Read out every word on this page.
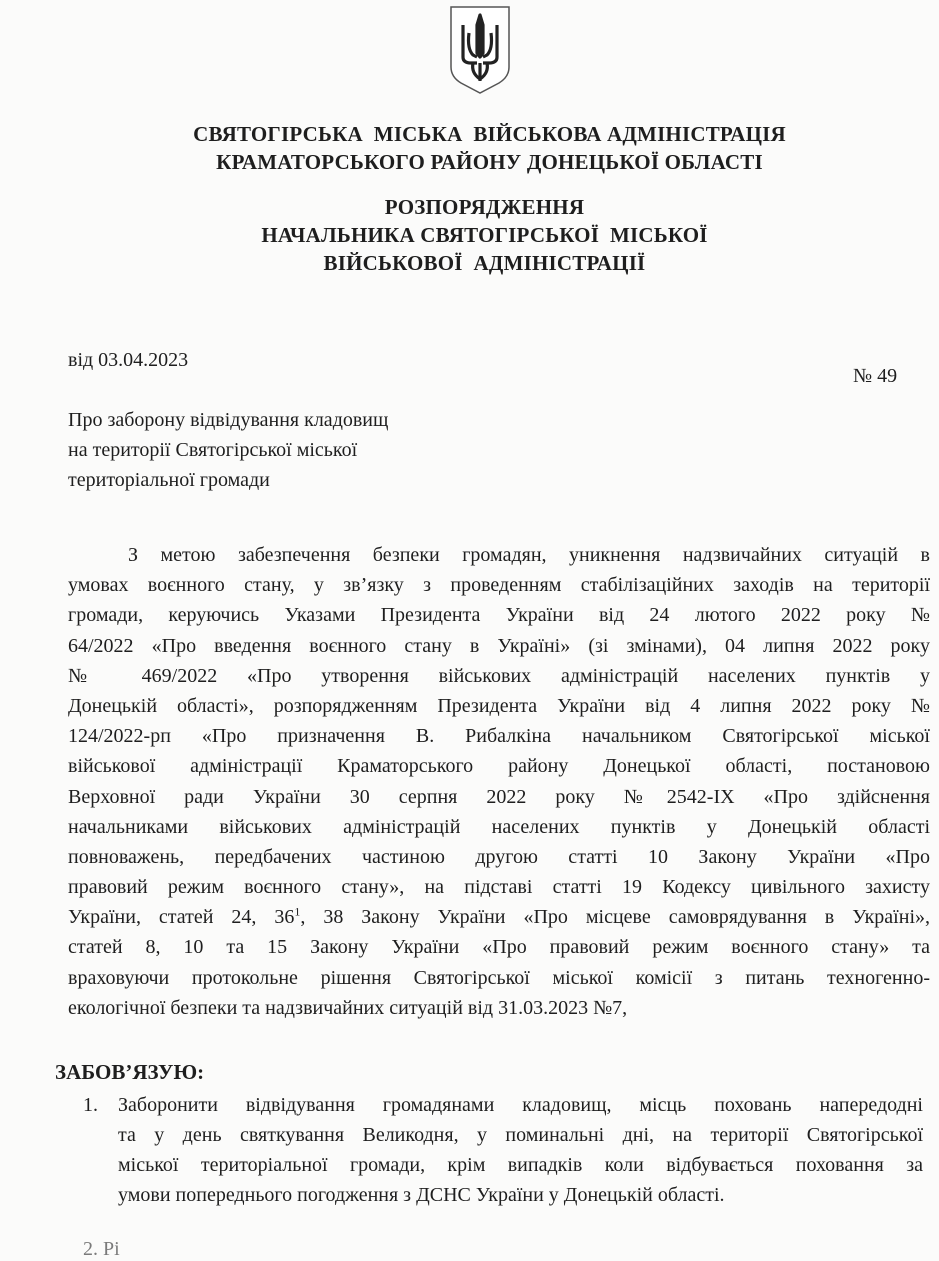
СВЯТОГІРСЬКА  МІСЬКА  ВІЙСЬКОВА АДМІНІСТРАЦІЯ
КРАМАТОРСЬКОГО РАЙОНУ ДОНЕЦЬКОЇ ОБЛАСТІ
РОЗПОРЯДЖЕННЯ
НАЧАЛЬНИКА СВЯТОГІРСЬКОЇ  МІСЬКОЇ
ВІЙСЬКОВОЇ  АДМІНІСТРАЦІЇ
від 03.04.2023
№ 49
Про заборону відвідування кладовищ
на території Святогірської міської
територіальної громади
З метою забезпечення безпеки громадян, уникнення надзвичайних ситуацій в
умовах воєнного стану, у зв’язку з проведенням стабілізаційних заходів на території
громади, керуючись Указами Президента України від 24 лютого 2022 року №
64/2022 «Про введення воєнного стану в Україні» (зі змінами), 04 липня 2022 року
№ 469/2022 «Про утворення військових адміністрацій населених пунктів у
Донецькій області», розпорядженням Президента України від 4 липня 2022 року №
124/2022-рп «Про призначення В. Рибалкіна начальником Святогірської міської
військової адміністрації Краматорського району Донецької області, постановою
Верховної ради України 30 серпня 2022 року №2542-IX «Про здійснення
начальниками військових адміністрацій населених пунктів у Донецькій області
повноважень, передбачених частиною другою статті 10 Закону України «Про
правовий режим воєнного стану», на підставі статті 19 Кодексу цивільного захисту
України, статей 24, $36^1$, 38 Закону України «Про місцеве самоврядування в Україні»,
статей 8, 10 та 15 Закону України «Про правовий режим воєнного стану» та
враховуючи протокольне рішення Святогірської міської комісії з питань техногенно-
екологічної безпеки та надзвичайних ситуацій від 31.03.2023 №7,
ЗАБОВ’ЯЗУЮ:
1.	Заборонити відвідування громадянами кладовищ, місць поховань напередодні
та у день святкування Великодня, у поминальні дні, на території Святогірської
міської територіальної громади, крім випадків коли відбувається поховання за
умови попереднього погодження з ДСНС України у Донецькій області.
2. Рі
